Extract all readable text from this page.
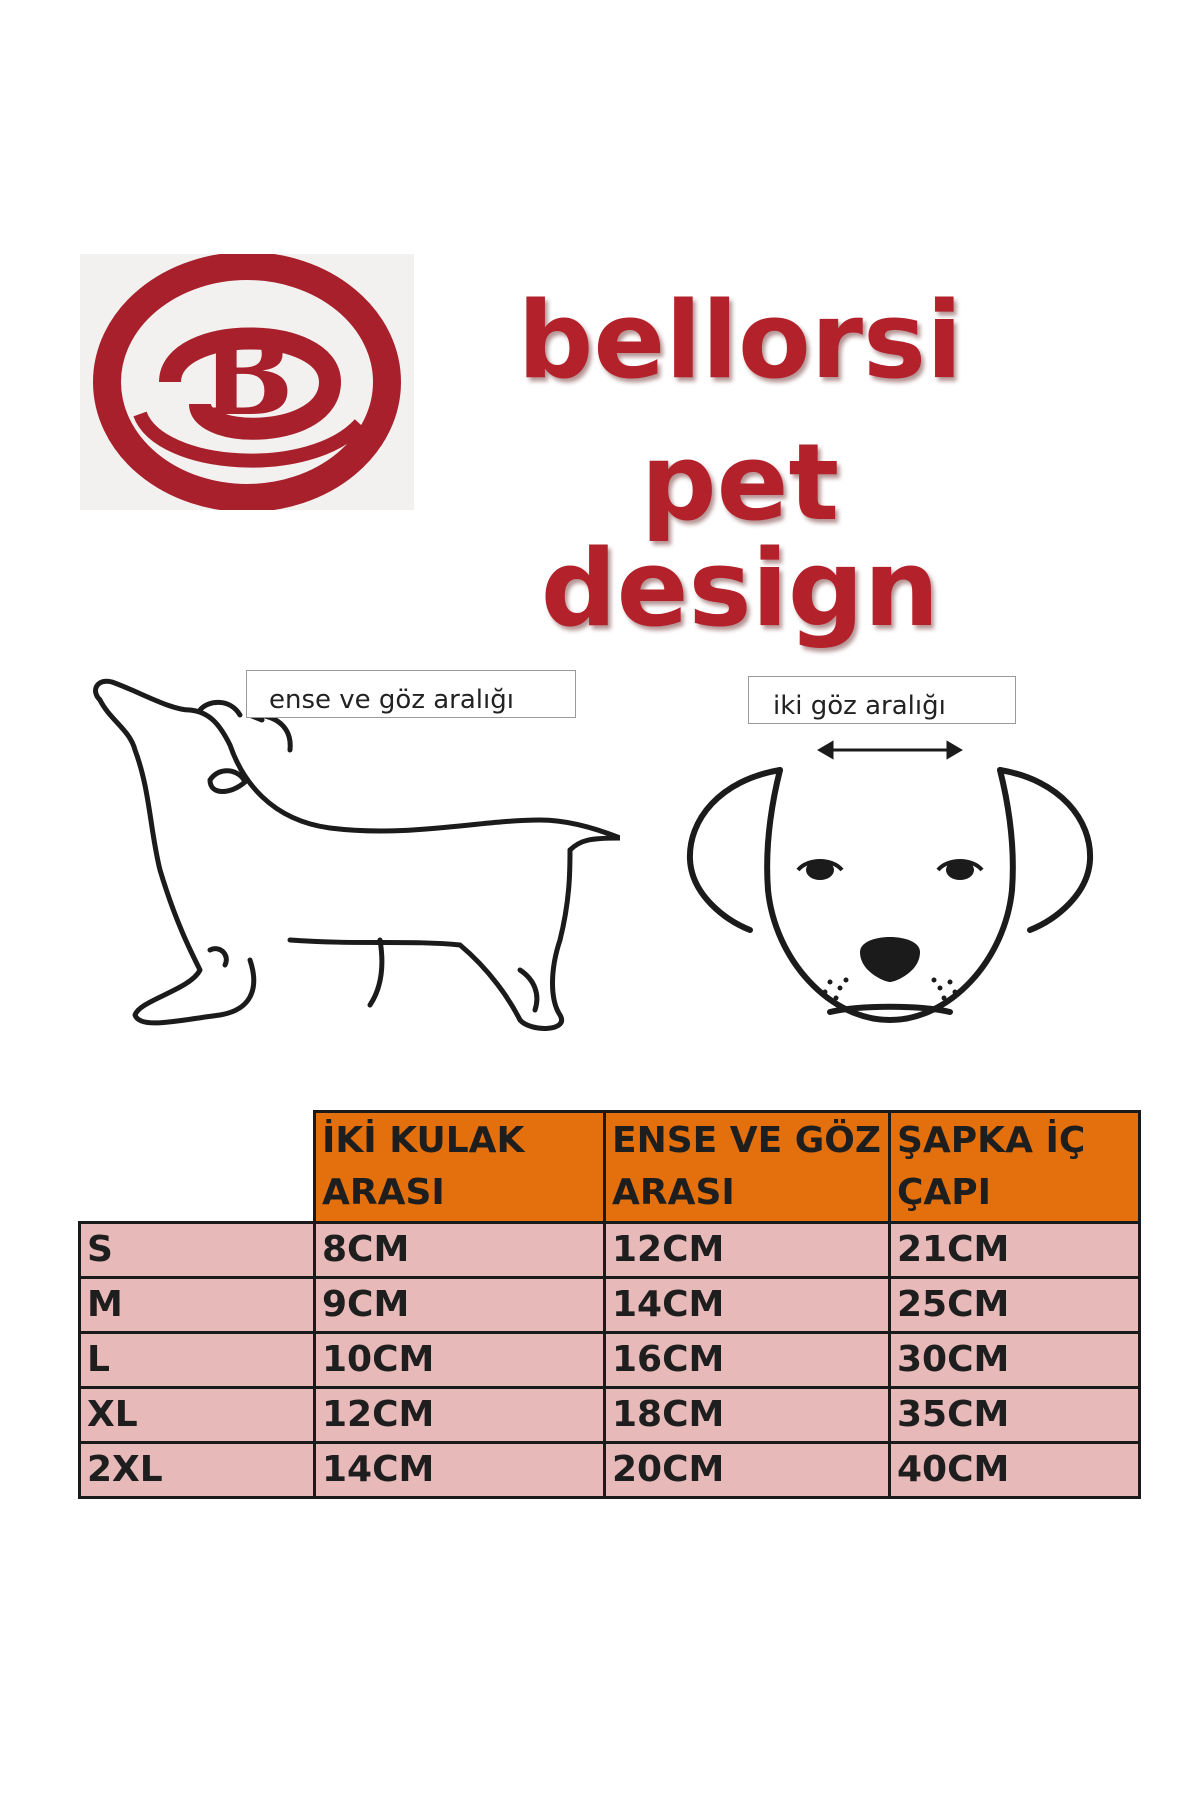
B	bellorsi
pet design
ense ve göz aralığı	iki göz aralığı
	İKİ KULAK ARASI	ENSE VE GÖZ ARASI	ŞAPKA İÇ ÇAPI
S	8CM	12CM	21CM
M	9CM	14CM	25CM
L	10CM	16CM	30CM
XL	12CM	18CM	35CM
2XL	14CM	20CM	40CM
